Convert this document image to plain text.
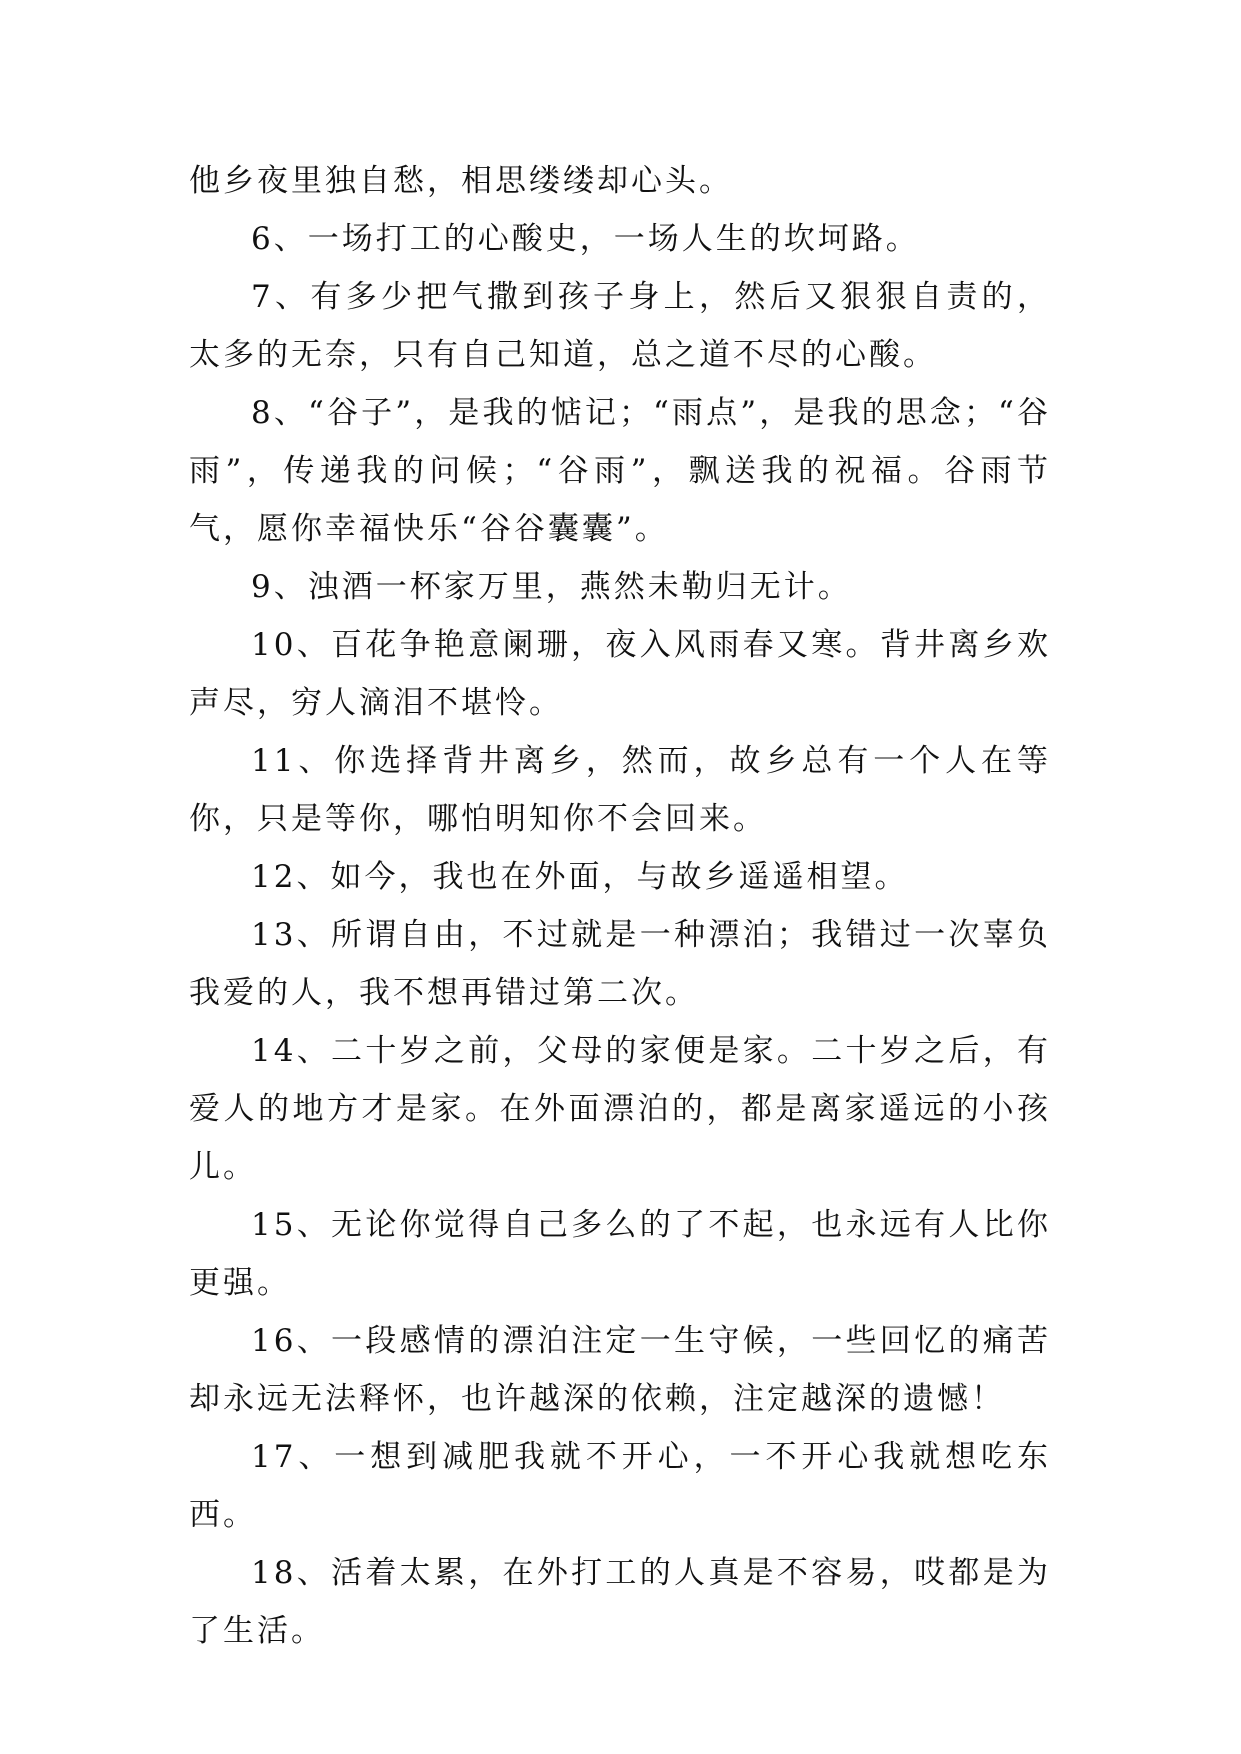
他乡夜里独自愁，相思缕缕却心头。

6、一场打工的心酸史，一场人生的坎坷路。

7、有多少把气撒到孩子身上，然后又狠狠自责的，太多的无奈，只有自己知道，总之道不尽的心酸。

8、“谷子”，是我的惦记；“雨点”，是我的思念；“谷雨”，传递我的问候；“谷雨”，飘送我的祝福。谷雨节气，愿你幸福快乐“谷谷囊囊”。

9、浊酒一杯家万里，燕然未勒归无计。

10、百花争艳意阑珊，夜入风雨春又寒。背井离乡欢声尽，穷人滴泪不堪怜。

11、你选择背井离乡，然而，故乡总有一个人在等你，只是等你，哪怕明知你不会回来。

12、如今，我也在外面，与故乡遥遥相望。

13、所谓自由，不过就是一种漂泊；我错过一次辜负我爱的人，我不想再错过第二次。

14、二十岁之前，父母的家便是家。二十岁之后，有爱人的地方才是家。在外面漂泊的，都是离家遥远的小孩儿。

15、无论你觉得自己多么的了不起，也永远有人比你更强。

16、一段感情的漂泊注定一生守候，一些回忆的痛苦却永远无法释怀，也许越深的依赖，注定越深的遗憾！

17、一想到减肥我就不开心，一不开心我就想吃东西。

18、活着太累，在外打工的人真是不容易，哎都是为了生活。
